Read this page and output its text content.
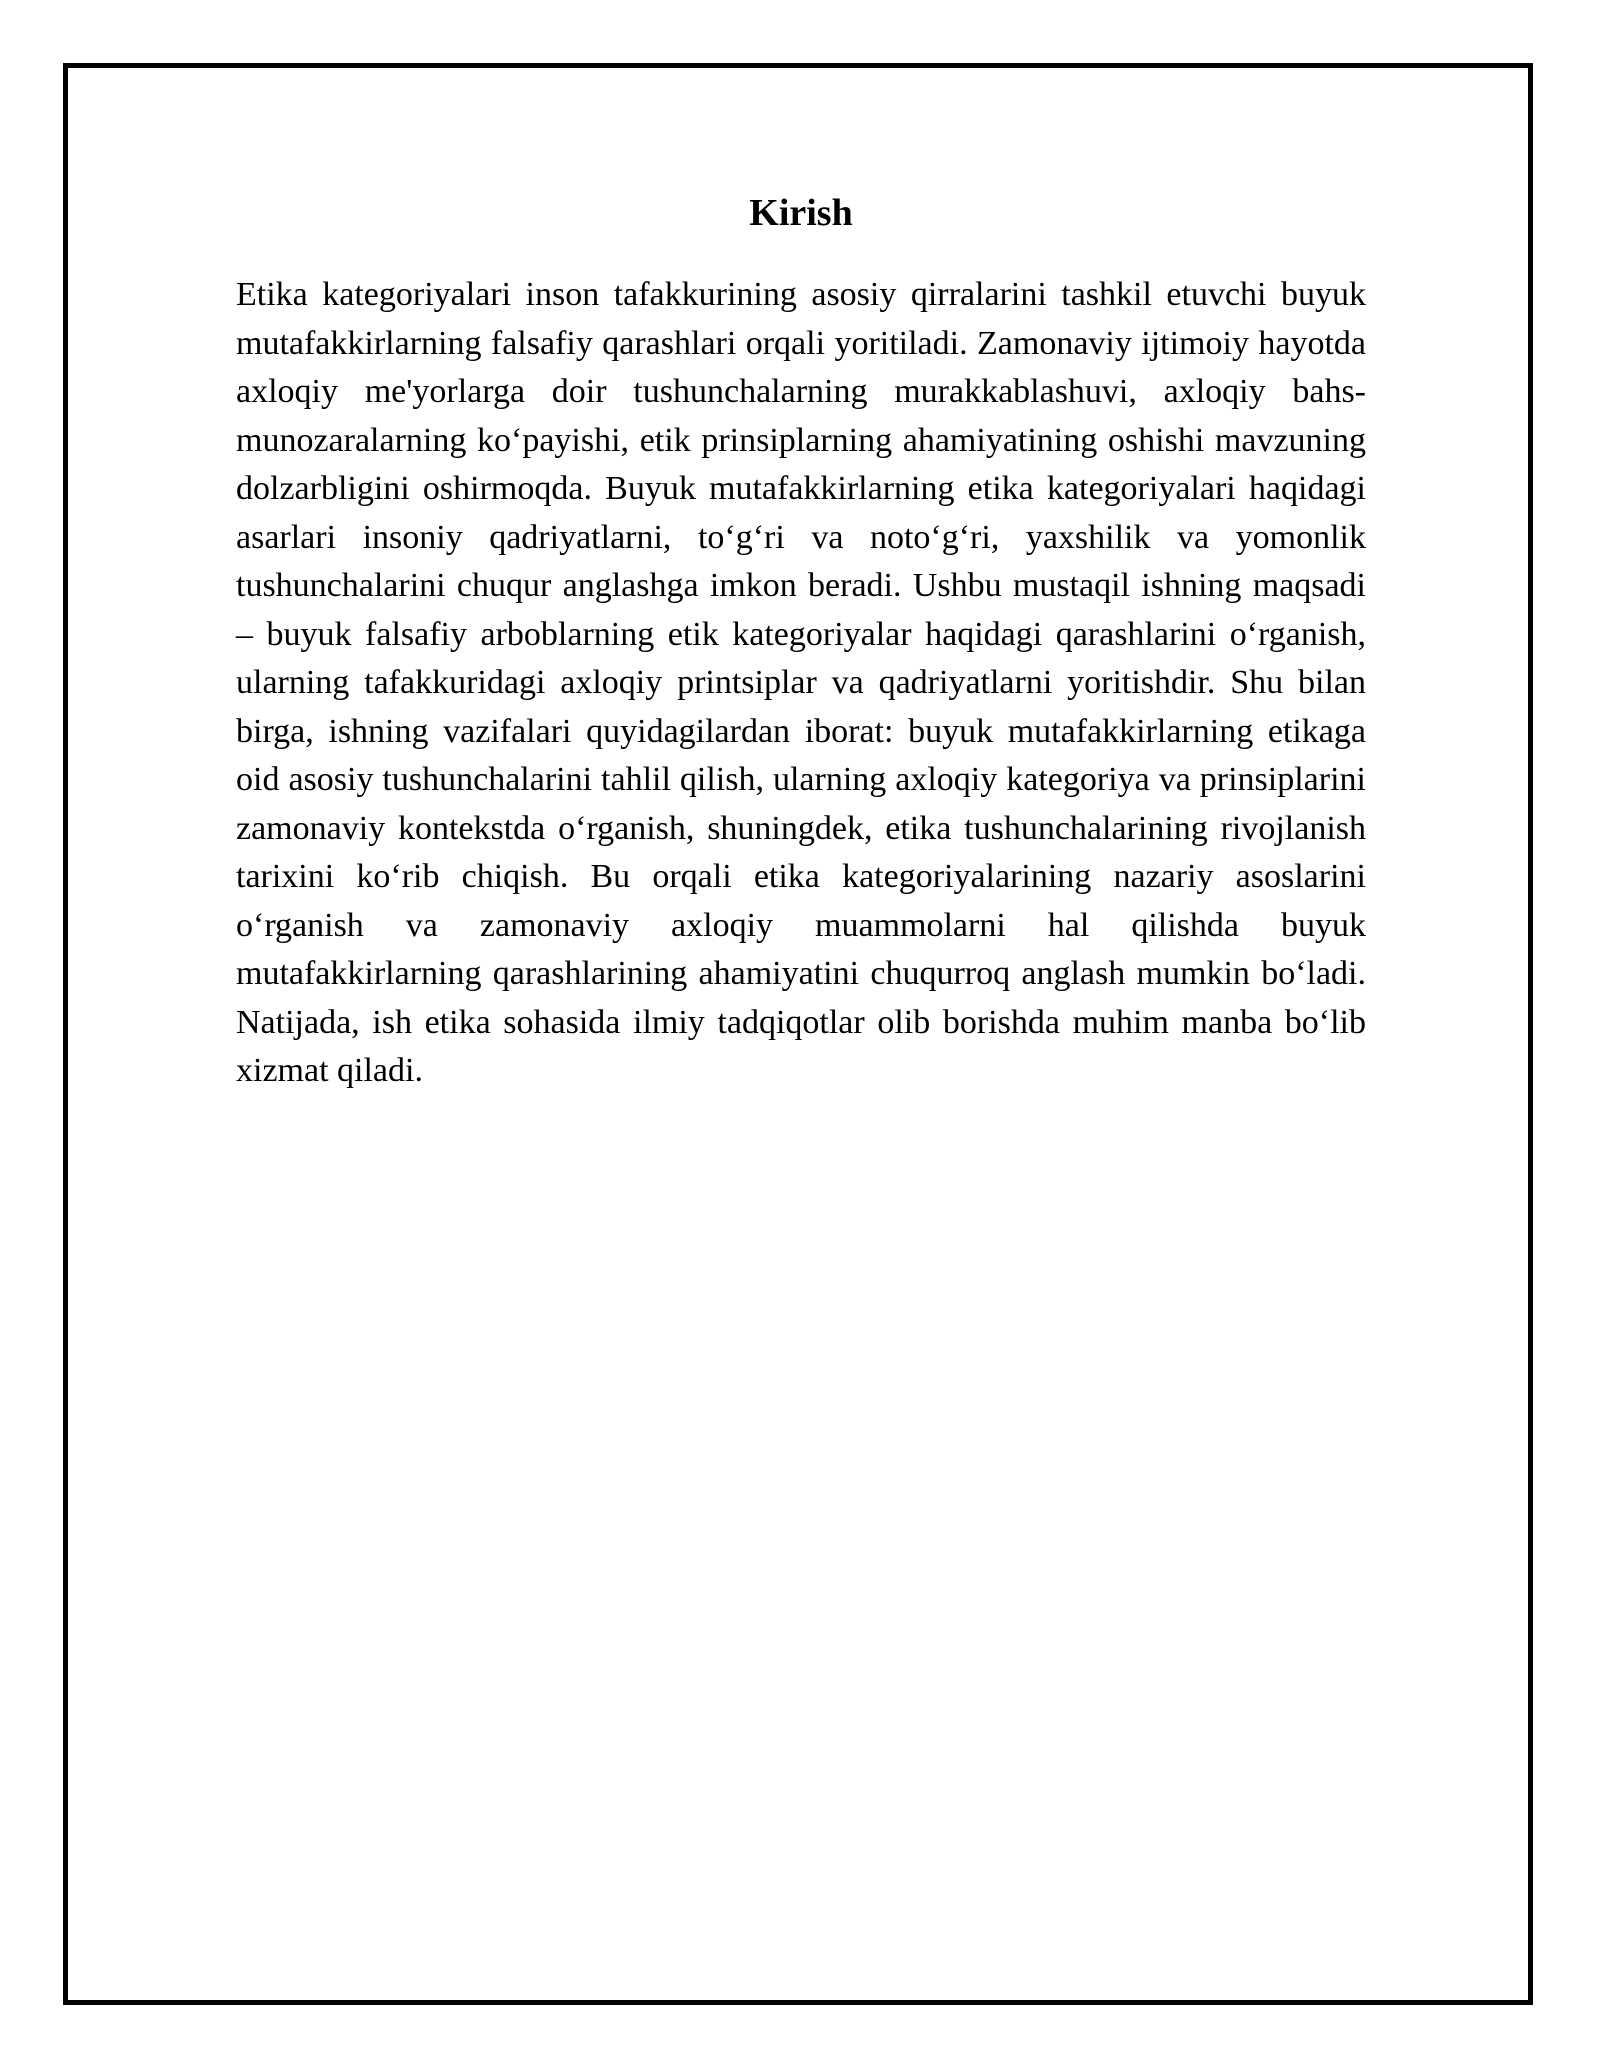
Kirish

Etika kategoriyalari inson tafakkurining asosiy qirralarini tashkil etuvchi buyuk mutafakkirlarning falsafiy qarashlari orqali yoritiladi. Zamonaviy ijtimoiy hayotda axloqiy me'yorlarga doir tushunchalarning murakkablashuvi, axloqiy bahs-munozaralarning koʻpayishi, etik prinsiplarning ahamiyatining oshishi mavzuning dolzarbligini oshirmoqda. Buyuk mutafakkirlarning etika kategoriyalari haqidagi asarlari insoniy qadriyatlarni, toʻgʻri va notoʻgʻri, yaxshilik va yomonlik tushunchalarini chuqur anglashga imkon beradi. Ushbu mustaqil ishning maqsadi – buyuk falsafiy arboblarning etik kategoriyalar haqidagi qarashlarini oʻrganish, ularning tafakkuridagi axloqiy printsiplar va qadriyatlarni yoritishdir. Shu bilan birga, ishning vazifalari quyidagilardan iborat: buyuk mutafakkirlarning etikaga oid asosiy tushunchalarini tahlil qilish, ularning axloqiy kategoriya va prinsiplarini zamonaviy kontekstda oʻrganish, shuningdek, etika tushunchalarining rivojlanish tarixini koʻrib chiqish. Bu orqali etika kategoriyalarining nazariy asoslarini oʻrganish va zamonaviy axloqiy muammolarni hal qilishda buyuk mutafakkirlarning qarashlarining ahamiyatini chuqurroq anglash mumkin boʻladi. Natijada, ish etika sohasida ilmiy tadqiqotlar olib borishda muhim manba boʻlib xizmat qiladi.
